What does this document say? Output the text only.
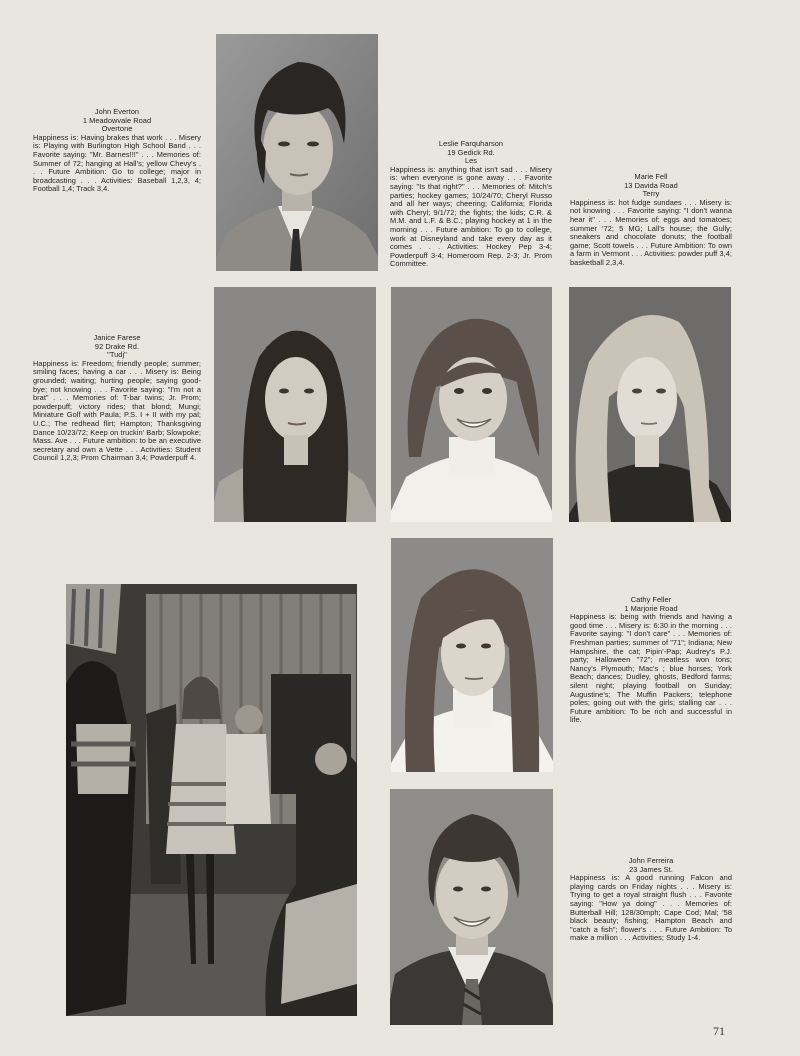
John Everton
1 Meadowvale Road
Overtone
Happiness is: Having brakes that work . . . Misery is: Playing with Burlington High School Band . . . Favorite saying: "Mr. Barnes!!!" . . . Memories of: Summer of 72; hanging at Hall's; yellow Chevy's . . . Future Ambition: Go to college; major in broadcasting . . . Activities: Baseball 1,2,3, 4; Football 1,4; Track 3,4.
Leslie Farquharson
19 Gedick Rd.
Les
Happiness is: anything that isn't sad . . . Misery is: when everyone is gone away . . . Favorite saying: "Is that right?" . . . Memories of: Mitch's parties; hockey games; 10/24/70; Cheryl Russo and all her ways; cheering; California; Florida with Cheryl; 9/1/72; the fights; the kids; C.R. & M.M. and L.F. & B.C.; playing hockey at 1 in the morning . . . Future ambition: To go to college, work at Disneyland and take every day as it comes . . . Activities: Hockey Pep 3-4; Powderpuff 3-4; Homeroom Rep. 2-3; Jr. Prom Committee.
Marie Fell
13 Davida Road
Terry
Happiness is: hot fudge sundaes . . . Misery is: not knowing . . . Favorite saying: "I don't wanna hear it" . . . Memories of: eggs and tomatoes; summer '72; 5 MG; Lall's house; the Gully; sneakers and chocolate donuts; the football game; Scott towels . . . Future Ambition: To own a farm in Vermont . . . Activities: powder puff 3,4; basketball 2,3,4.
Janice Farese
92 Drake Rd.
"Tudj"
Happiness is: Freedom; friendly people; summer; smiling faces; having a car . . . Misery is: Being grounded; waiting; hurting people; saying good-bye; not knowing . . . Favorite saying: "I'm not a brat" . . . Memories of: T-bar twins; Jr. Prom; powderpuff; victory rides; that blond; Mungi; Miniature Golf with Paula; P.S. I + II with my pal; U.C.; The redhead flirt; Hampton; Thanksgiving Dance 10/23/72; Keep on truckin' Barb; Slowpoke; Mass. Ave . . . Future ambition: to be an executive secretary and own a Vette . . . Activities: Student Council 1,2,3; Prom Chairman 3,4; Powderpuff 4.
Cathy Feller
1 Marjorie Road
Happiness is: being with friends and having a good time . . . Misery is: 6:30 in the morning . . . Favorite saying: "I don't care" . . . Memories of: Freshman parties; summer of "71"; Indiana; New Hampshire, the cat; Pipin'-Pap; Audrey's P.J. party; Halloween "72"; meatless won tons; Nancy's Plymouth; Mac's ; blue horses; York Beach; dances; Dudley, ghosts, Bedford farms; silent night; playing football on Sunday; Augustine's; The Muffin Packers; telephone poles; going out with the girls; stalling car . . . Future ambition: To be rich and successful in life.
John Ferreira
23 James St.
Happiness is: A good running Falcon and playing cards on Friday nights . . . Misery is: Trying to get a royal straight flush . . . Favorite saying: "How ya doing" . . . Memories of: Butterball Hill; 128/30mph; Cape Cod; Mal; '58 black beauty; fishing; Hampton Beach and "catch a fish"; flower's . . . Future Ambition: To make a million . . . Activities; Study 1-4.
71
